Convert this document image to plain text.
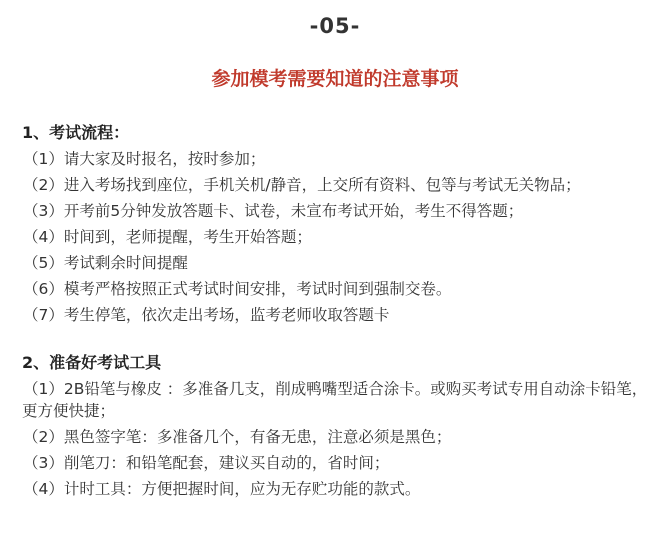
-05-
参加模考需要知道的注意事项
1、考试流程：
（1）请大家及时报名，按时参加；
（2）进入考场找到座位，手机关机/静音，上交所有资料、包等与考试无关物品；
（3）开考前5分钟发放答题卡、试卷，未宣布考试开始，考生不得答题；
（4）时间到，老师提醒，考生开始答题；
（5）考试剩余时间提醒
（6）模考严格按照正式考试时间安排，考试时间到强制交卷。
（7）考生停笔，依次走出考场，监考老师收取答题卡
2、准备好考试工具
（1）2B铅笔与橡皮 ：多准备几支，削成鸭嘴型适合涂卡。或购买考试专用自动涂卡铅笔，更方便快捷；
（2）黑色签字笔：多准备几个，有备无患，注意必须是黑色；
（3）削笔刀：和铅笔配套，建议买自动的，省时间；
（4）计时工具：方便把握时间，应为无存贮功能的款式。
